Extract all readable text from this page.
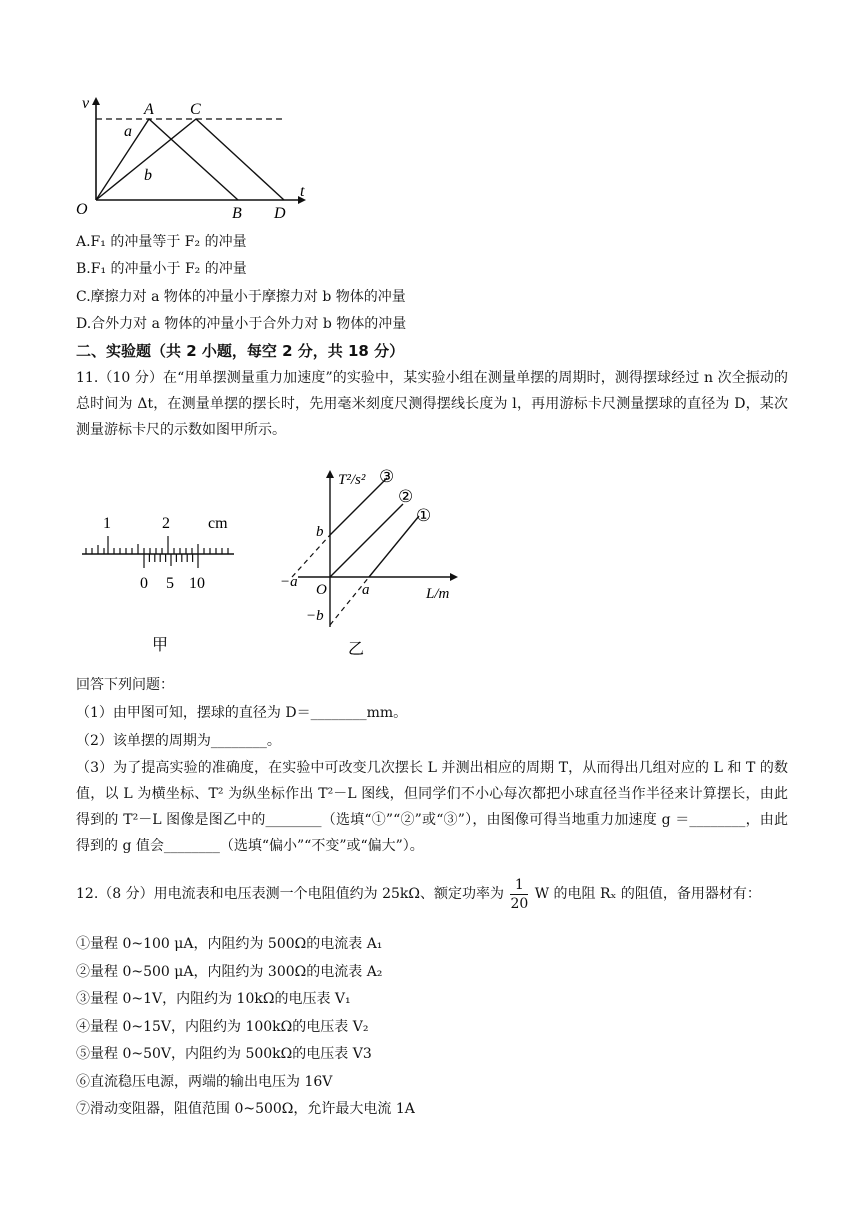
v
t
O
A C
B D
a
b
A.F₁ 的冲量等于 F₂ 的冲量
B.F₁ 的冲量小于 F₂ 的冲量
C.摩擦力对 a 物体的冲量小于摩擦力对 b 物体的冲量
D.合外力对 a 物体的冲量小于合外力对 b 物体的冲量
二、实验题（共 2 小题，每空 2 分，共 18 分）
11.（10 分）在“用单摆测量重力加速度”的实验中，某实验小组在测量单摆的周期时，测得摆球经过 n 次全振动的总时间为 Δt，在测量单摆的摆长时，先用毫米刻度尺测得摆线长度为 l，再用游标卡尺测量摆球的直径为 D，某次测量游标卡尺的示数如图甲所示。
1	2 cm
0 5 10
甲
T²/s² ③
②
①
b
−a O a	L/m
−b
乙
回答下列问题：
（1）由甲图可知，摆球的直径为 D＝________mm。
（2）该单摆的周期为________。
（3）为了提高实验的准确度，在实验中可改变几次摆长 L 并测出相应的周期 T，从而得出几组对应的 L 和 T 的数值，以 L 为横坐标、T² 为纵坐标作出 T²－L 图线，但同学们不小心每次都把小球直径当作半径来计算摆长，由此得到的 T²－L 图像是图乙中的________（选填“①”“②”或“③”），由图像可得当地重力加速度 g ＝________，由此得到的 g 值会________（选填“偏小”“不变”或“偏大”）。
12.（8 分）用电流表和电压表测一个电阻值约为 25kΩ、额定功率为 $\frac{1}{20}$ W 的电阻 Rₓ 的阻值，备用器材有：
①量程 0~100 μA，内阻约为 500Ω的电流表 A₁
②量程 0~500 μA，内阻约为 300Ω的电流表 A₂
③量程 0~1V，内阻约为 10kΩ的电压表 V₁
④量程 0~15V，内阻约为 100kΩ的电压表 V₂
⑤量程 0~50V，内阻约为 500kΩ的电压表 V3
⑥直流稳压电源，两端的输出电压为 16V
⑦滑动变阻器，阻值范围 0~500Ω，允许最大电流 1A
